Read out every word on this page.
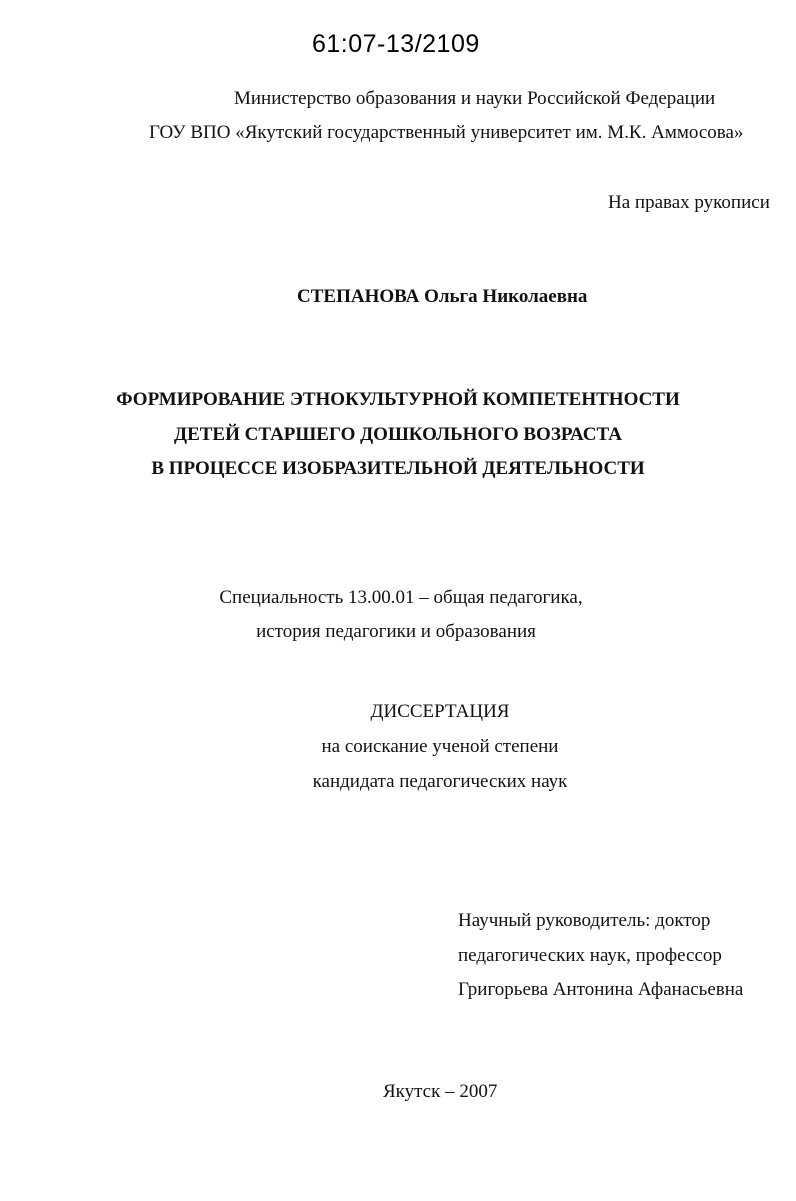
61:07-13/2109
Министерство образования и науки Российской Федерации
ГОУ ВПО «Якутский государственный университет им. М.К. Аммосова»
На правах рукописи
СТЕПАНОВА Ольга Николаевна
ФОРМИРОВАНИЕ ЭТНОКУЛЬТУРНОЙ КОМПЕТЕНТНОСТИ
ДЕТЕЙ СТАРШЕГО ДОШКОЛЬНОГО ВОЗРАСТА
В ПРОЦЕССЕ ИЗОБРАЗИТЕЛЬНОЙ ДЕЯТЕЛЬНОСТИ
Специальность 13.00.01 – общая педагогика,
история педагогики и образования
ДИССЕРТАЦИЯ
на соискание ученой степени
кандидата педагогических наук
Научный руководитель: доктор
педагогических наук, профессор
Григорьева Антонина Афанасьевна
Якутск – 2007
